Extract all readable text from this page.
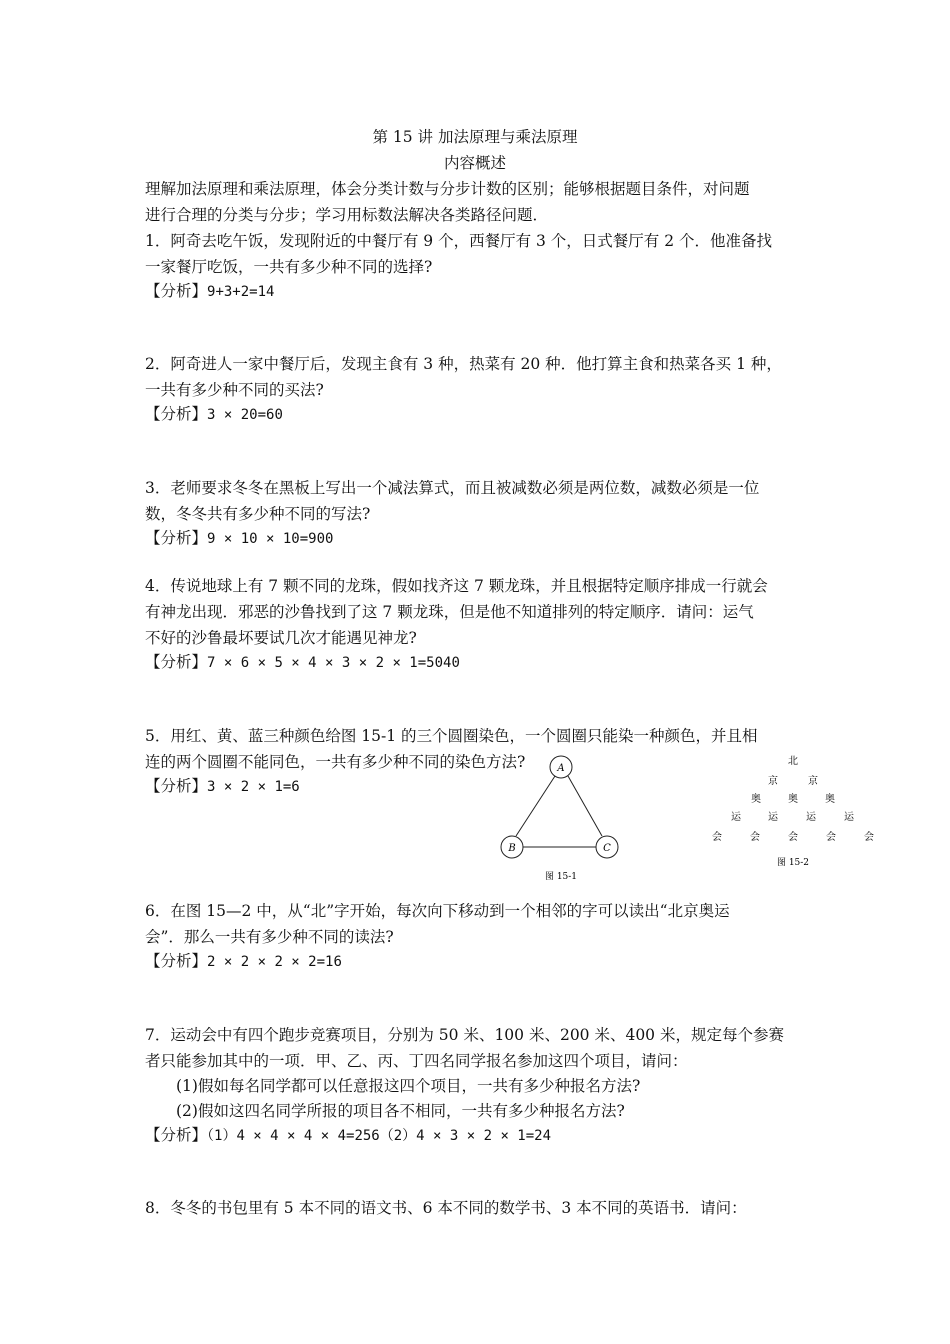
第 15 讲 加法原理与乘法原理
内容概述
理解加法原理和乘法原理，体会分类计数与分步计数的区别；能够根据题目条件，对问题
进行合理的分类与分步；学习用标数法解决各类路径问题．
1．阿奇去吃午饭，发现附近的中餐厅有 9 个，西餐厅有 3 个，日式餐厅有 2 个．他准备找
一家餐厅吃饭，一共有多少种不同的选择?
【分析】9+3+2=14
2．阿奇进人一家中餐厅后，发现主食有 3 种，热菜有 20 种．他打算主食和热菜各买 1 种，
一共有多少种不同的买法?
【分析】3 × 20=60
3．老师要求冬冬在黑板上写出一个减法算式，而且被减数必须是两位数，减数必须是一位
数，冬冬共有多少种不同的写法?
【分析】9 × 10 × 10=900
4．传说地球上有 7 颗不同的龙珠，假如找齐这 7 颗龙珠，并且根据特定顺序排成一行就会
有神龙出现．邪恶的沙鲁找到了这 7 颗龙珠，但是他不知道排列的特定顺序．请问：运气
不好的沙鲁最坏要试几次才能遇见神龙?
【分析】7 × 6 × 5 × 4 × 3 × 2 × 1=5040
5．用红、黄、蓝三种颜色给图 15-1 的三个圆圈染色，一个圆圈只能染一种颜色，并且相
连的两个圆圈不能同色，一共有多少种不同的染色方法?
【分析】3 × 2 × 1=6
A
B	C
图 15-1
北
京	京
奥	奥	奥
运	运	运	运
会	会	会	会	会
图 15-2
6．在图 15—2 中，从“北”字开始，每次向下移动到一个相邻的字可以读出“北京奥运
会”．那么一共有多少种不同的读法?
【分析】2 × 2 × 2 × 2=16
7．运动会中有四个跑步竞赛项目，分别为 50 米、100 米、200 米、400 米，规定每个参赛
者只能参加其中的一项．甲、乙、丙、丁四名同学报名参加这四个项目，请问：
(1)假如每名同学都可以任意报这四个项目，一共有多少种报名方法?
(2)假如这四名同学所报的项目各不相同，一共有多少种报名方法?
【分析】（1）4 × 4 × 4 × 4=256（2）4 × 3 × 2 × 1=24
8．冬冬的书包里有 5 本不同的语文书、6 本不同的数学书、3 本不同的英语书．请问：
